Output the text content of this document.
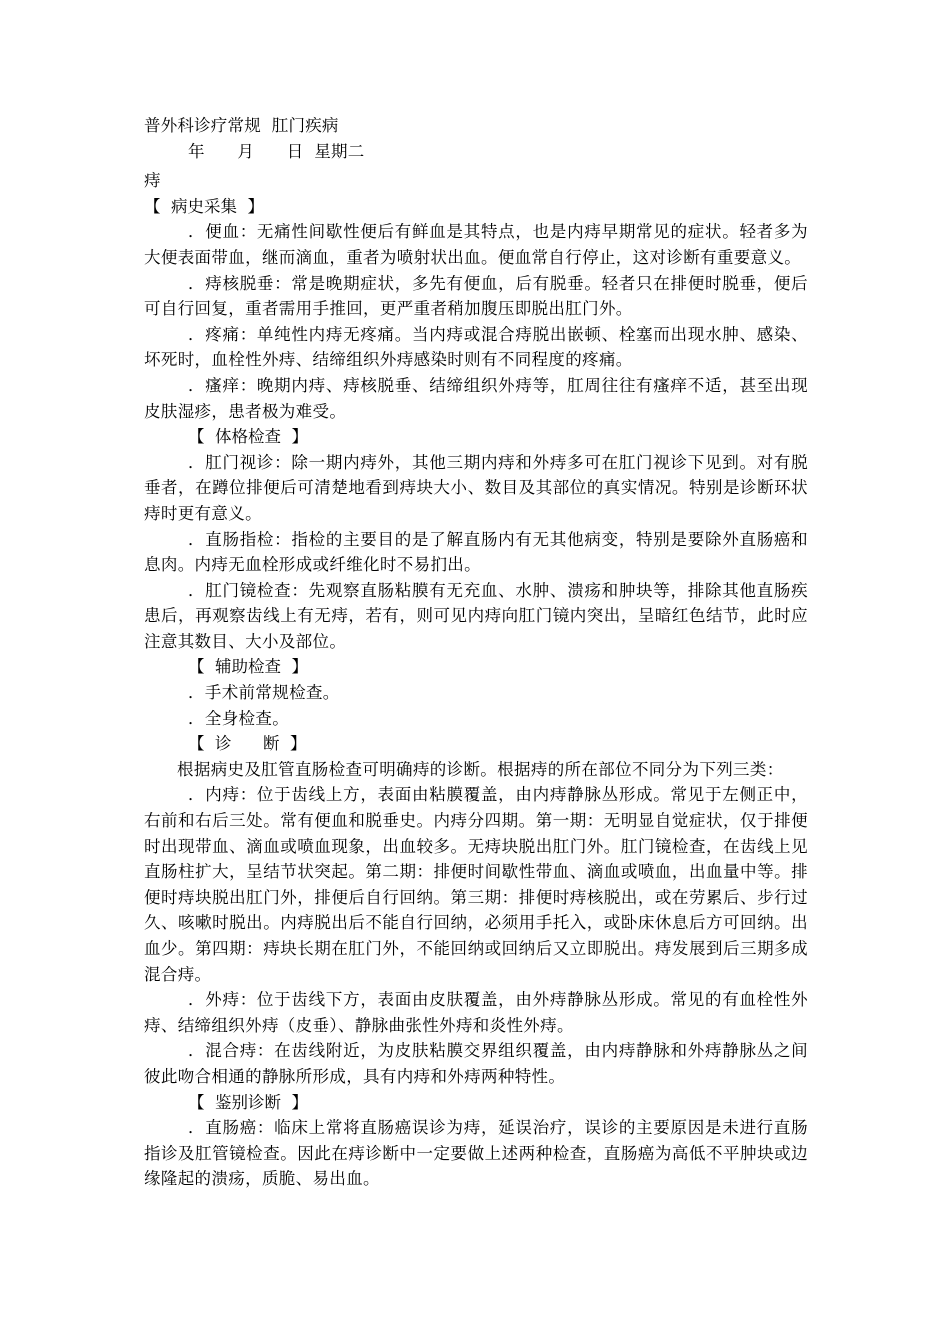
普外科诊疗常规  肛门疾病
年      月      日  星期二
痔
【  病史采集  】

．便血：无痛性间歇性便后有鲜血是其特点，也是内痔早期常见的症状。轻者多为大便表面带血，继而滴血，重者为喷射状出血。便血常自行停止，这对诊断有重要意义。

．痔核脱垂：常是晚期症状，多先有便血，后有脱垂。轻者只在排便时脱垂，便后可自行回复，重者需用手推回，更严重者稍加腹压即脱出肛门外。

．疼痛：单纯性内痔无疼痛。当内痔或混合痔脱出嵌顿、栓塞而出现水肿、感染、坏死时，血栓性外痔、结缔组织外痔感染时则有不同程度的疼痛。

．瘙痒：晚期内痔、痔核脱垂、结缔组织外痔等，肛周往往有瘙痒不适，甚至出现皮肤湿疹，患者极为难受。

【  体格检查  】

．肛门视诊：除一期内痔外，其他三期内痔和外痔多可在肛门视诊下见到。对有脱垂者，在蹲位排便后可清楚地看到痔块大小、数目及其部位的真实情况。特别是诊断环状痔时更有意义。

．直肠指检：指检的主要目的是了解直肠内有无其他病变，特别是要除外直肠癌和息肉。内痔无血栓形成或纤维化时不易扪出。

．肛门镜检查：先观察直肠粘膜有无充血、水肿、溃疡和肿块等，排除其他直肠疾患后，再观察齿线上有无痔，若有，则可见内痔向肛门镜内突出，呈暗红色结节，此时应注意其数目、大小及部位。

【  辅助检查  】

．手术前常规检查。

．全身检查。

【  诊      断  】

根据病史及肛管直肠检查可明确痔的诊断。根据痔的所在部位不同分为下列三类：

．内痔：位于齿线上方，表面由粘膜覆盖，由内痔静脉丛形成。常见于左侧正中，右前和右后三处。常有便血和脱垂史。内痔分四期。第一期：无明显自觉症状，仅于排便时出现带血、滴血或喷血现象，出血较多。无痔块脱出肛门外。肛门镜检查，在齿线上见直肠柱扩大，呈结节状突起。第二期：排便时间歇性带血、滴血或喷血，出血量中等。排便时痔块脱出肛门外，排便后自行回纳。第三期：排便时痔核脱出，或在劳累后、步行过久、咳嗽时脱出。内痔脱出后不能自行回纳，必须用手托入，或卧床休息后方可回纳。出血少。第四期：痔块长期在肛门外，不能回纳或回纳后又立即脱出。痔发展到后三期多成混合痔。

．外痔：位于齿线下方，表面由皮肤覆盖，由外痔静脉丛形成。常见的有血栓性外痔、结缔组织外痔（皮垂）、静脉曲张性外痔和炎性外痔。

．混合痔：在齿线附近，为皮肤粘膜交界组织覆盖，由内痔静脉和外痔静脉丛之间彼此吻合相通的静脉所形成，具有内痔和外痔两种特性。

【  鉴别诊断  】

．直肠癌：临床上常将直肠癌误诊为痔，延误治疗，误诊的主要原因是未进行直肠指诊及肛管镜检查。因此在痔诊断中一定要做上述两种检查，直肠癌为高低不平肿块或边缘隆起的溃疡，质脆、易出血。
